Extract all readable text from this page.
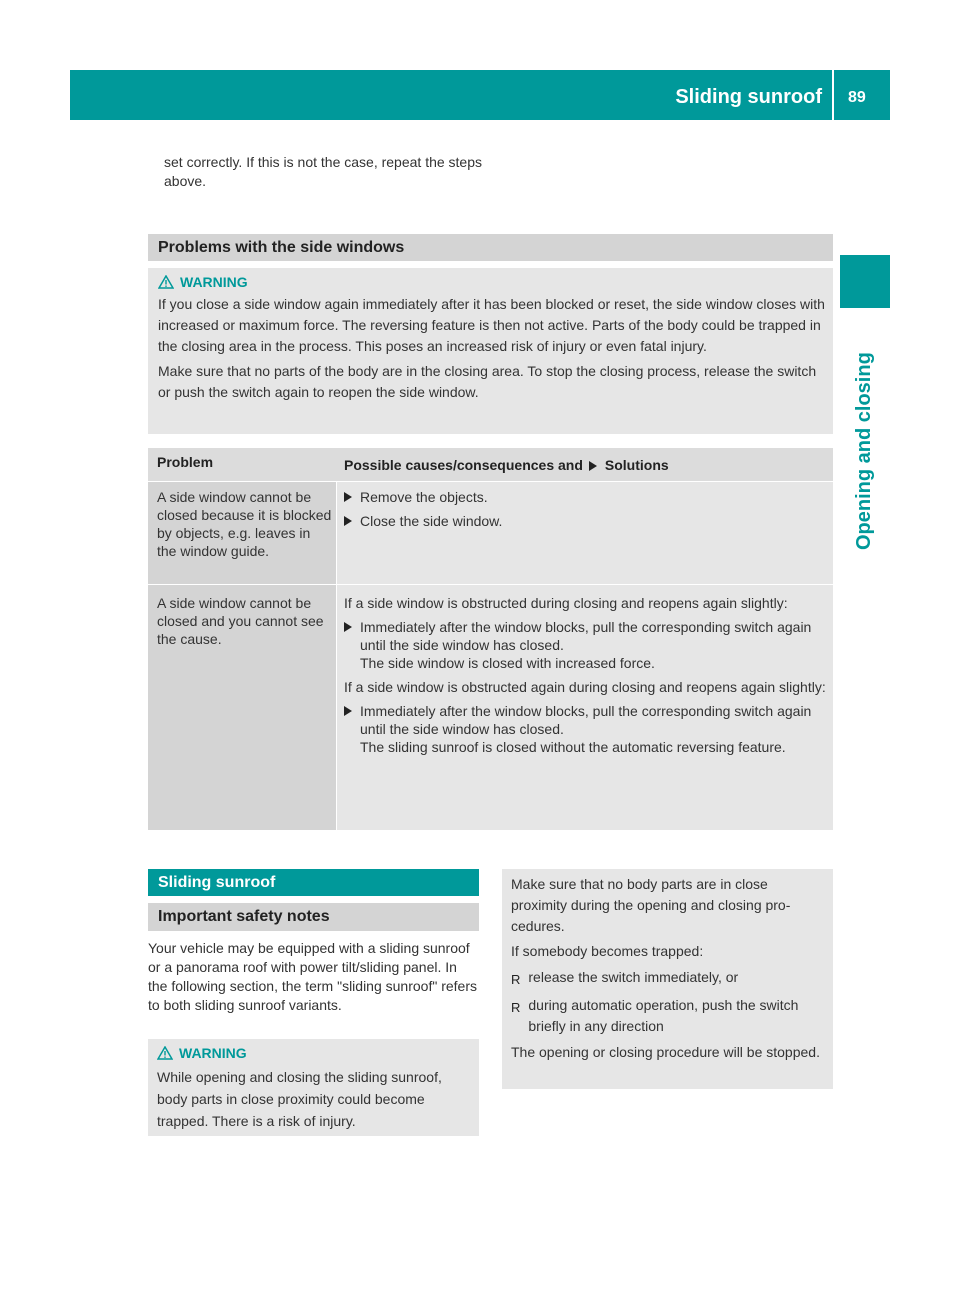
Sliding sunroof 89
Opening and closing
set correctly. If this is not the case, repeat the steps above.
Problems with the side windows
WARNING

If you close a side window again immediately after it has been blocked or reset, the side window closes with increased or maximum force. The reversing feature is then not active. Parts of the body could be trapped in the closing area in the process. This poses an increased risk of injury or even fatal injury.

Make sure that no parts of the body are in the closing area. To stop the closing process, release the switch or push the switch again to reopen the side window.

Problem	Possible causes/consequences and Solutions
A side window cannot be closed because it is blocked by objects, e.g. leaves in the window guide.
Remove the objects.
Close the side window.
A side window cannot be closed and you cannot see the cause.

If a side window is obstructed during closing and reopens again slightly:

Immediately after the window blocks, pull the corresponding switch again until the side window has closed.

The side window is closed with increased force.

If a side window is obstructed again during closing and reopens again slightly:

Immediately after the window blocks, pull the corresponding switch again until the side window has closed.

The sliding sunroof is closed without the automatic reversing feature.

Sliding sunroof
Important safety notes
Your vehicle may be equipped with a sliding sunroof or a panorama roof with power tilt/sliding panel. In the following section, the term "sliding sunroof" refers to both sliding sunroof variants.
WARNING

While opening and closing the sliding sunroof, body parts in close proximity could become trapped. There is a risk of injury.

Make sure that no body parts are in close proximity during the opening and closing procedures.

If somebody becomes trapped:

R release the switch immediately, or
R during automatic operation, push the switch briefly in any direction

The opening or closing procedure will be stopped.
